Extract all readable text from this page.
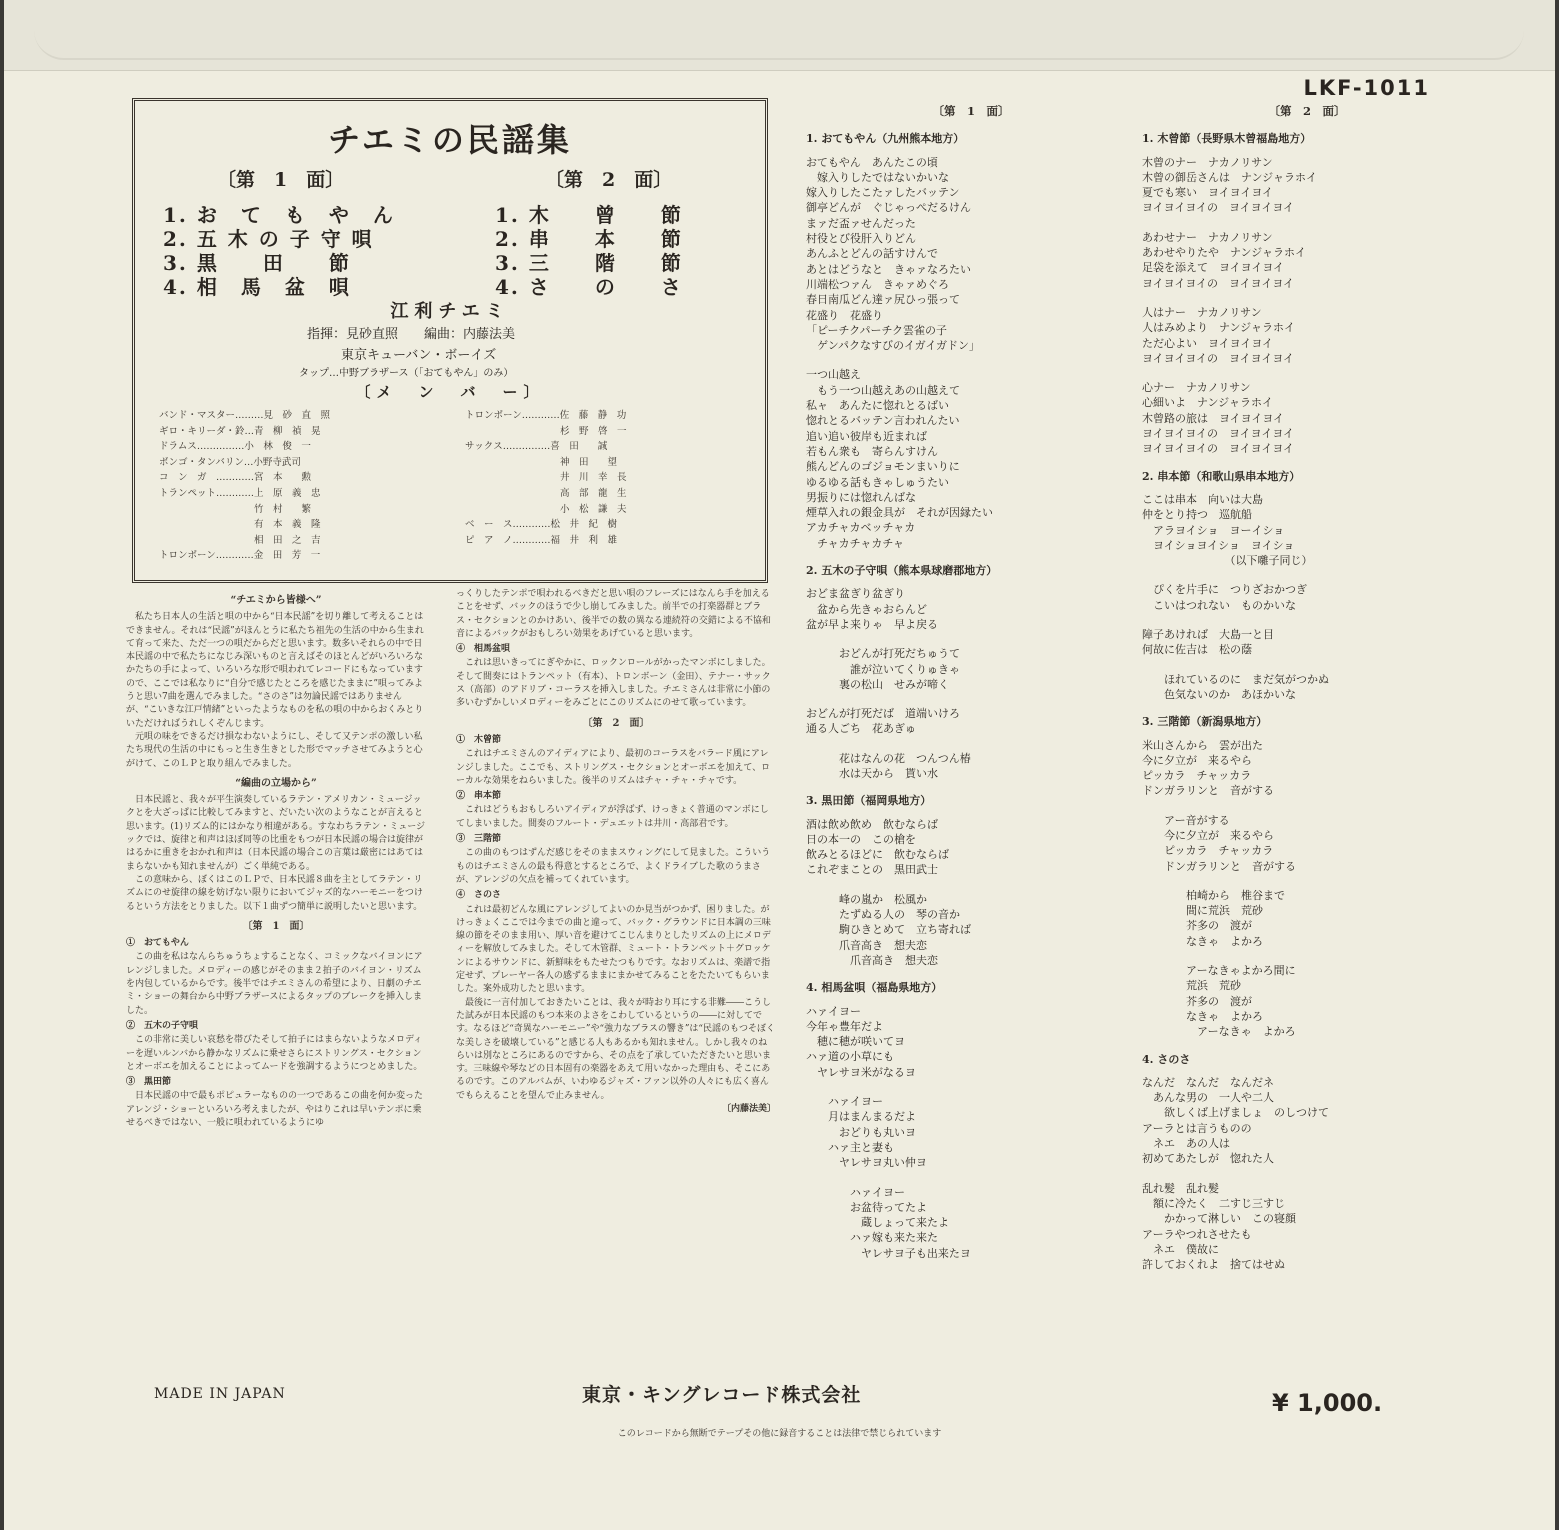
LKF-1011
チエミの民謡集
〔第　1　面〕	〔第　2　面〕
1. お　て　も　や　ん
2. 五 木 の 子 守 唄
3. 黒　　田　　節
4. 相　馬　盆　唄
1. 木　　曾　　節
2. 串　　本　　節
3. 三　　階　　節
4. さ　　の　　さ
江利チエミ
指揮：見砂直照　　編曲：内藤法美
東京キューバン・ボーイズ
タップ…中野ブラザース（「おてもやん」のみ）
〔メ　ン　バ　ー〕
バンド・マスター………見　砂　直　照
ギロ・キリーダ・鈴…青　柳　禎　晃
ドラムス……………小　林　俊　一
ボンゴ・タンバリン…小野寺武司
コ　ン　ガ　…………宮　本　　勲
トランペット…………上　原　義　忠
　　　　　　　　　　竹　村　　繁
　　　　　　　　　　有　本　義　隆
　　　　　　　　　　相　田　之　吉
トロンボーン…………金　田　芳　一
トロンボーン…………佐　藤　静　功
　　　　　　　　　　杉　野　啓　一
サックス……………喜　田　　誠
　　　　　　　　　　神　田　　望
　　　　　　　　　　井　川　幸　長
　　　　　　　　　　高　部　龍　生
　　　　　　　　　　小　松　謙　夫
ベ　ー　ス…………松　井　紀　樹
ピ　ア　ノ…………福　井　利　雄
“チエミから皆様へ”

私たち日本人の生活と唄の中から“日本民謡”を切り離して考えることはできません。それは“民謡”がほんとうに私たち祖先の生活の中から生まれて育って来た、ただ一つの唄だからだと思います。数多いそれらの中で日本民謡の中で私たちになじみ深いものと言えばそのほとんどがいろいろなかたちの手によって、いろいろな形で唄われてレコードにもなっていますので、ここでは私なりに“自分で感じたところを感じたままに”唄ってみようと思い7曲を選んでみました。“さのさ”は勿論民謡ではありませんが、“こいきな江戸情緒”といったようなものを私の唄の中からおくみとりいただければうれしくぞんじます。

元唄の味をできるだけ損なわないようにし、そして又テンポの激しい私たち現代の生活の中にもっと生き生きとした形でマッチさせてみようと心がけて、このＬＰと取り組んでみました。

“編曲の立場から”

日本民謡と、我々が平生演奏しているラテン・アメリカン・ミュージックとを大ざっぱに比較してみますと、だいたい次のようなことが言えると思います。(1)リズム的にはかなり相違がある。すなわちラテン・ミュージックでは、旋律と和声はほぼ同等の比重をもつが日本民謡の場合は旋律がはるかに重きをおかれ和声は（日本民謡の場合この言葉は厳密にはあてはまらないかも知れませんが）ごく単純である。

この意味から、ぼくはこのＬＰで、日本民謡８曲を主としてラテン・リズムにのせ旋律の線を妨げない限りにおいてジャズ的なハーモニーをつけるという方法をとりました。以下１曲ずつ簡単に説明したいと思います。

〔第　1　面〕
①　おてもやん

この曲を私はなんらちゅうちょすることなく、コミックなバイヨンにアレンジしました。メロディーの感じがそのまま２拍子のバイヨン・リズムを内包しているからです。後半ではチエミさんの希望により、日劇のチエミ・ショーの舞台から中野ブラザースによるタップのブレークを挿入しました。

②　五木の子守唄

この非常に美しい哀愁を帯びたそして拍子にはまらないようなメロディーを遅いルンバから静かなリズムに乗せさらにストリングス・セクションとオーボエを加えることによってムードを強調するようにつとめました。

③　黒田節

日本民謡の中で最もポピュラーなものの一つであるこの曲を何か変ったアレンジ・ショーといろいろ考えましたが、やはりこれは早いテンポに乗せるべきではない、一般に唄われているようにゆ

っくりしたテンポで唄われるべきだと思い唄のフレーズにはなんら手を加えることをせず、バックのほうで少し崩してみました。前半での打楽器群とブラス・セクションとのかけあい、後半での数の異なる連続符の交錯による不協和音によるバックがおもしろい効果をあげていると思います。

④　相馬盆唄

これは思いきってにぎやかに、ロックンロールがかったマンボにしました。そして間奏にはトランペット（有本）、トロンボーン（金田）、テナー・サックス（高部）のアドリブ・コーラスを挿入しました。チエミさんは非常に小節の多いむずかしいメロディーをみごとにこのリズムにのせて歌っています。

〔第　2　面〕
①　木曾節

これはチエミさんのアイディアにより、最初のコーラスをバラード風にアレンジしました。ここでも、ストリングス・セクションとオーボエを加えて、ローカルな効果をねらいました。後半のリズムはチャ・チャ・チャです。

②　串本節

これはどうもおもしろいアイディアが浮ばず、けっきょく普通のマンボにしてしまいました。間奏のフルート・デュエットは井川・高部君です。

③　三階節

この曲のもつはずんだ感じをそのままスウィングにして見ました。こういうものはチエミさんの最も得意とするところで、よくドライブした歌のうまさが、アレンジの欠点を補ってくれています。

④　さのさ

これは最初どんな風にアレンジしてよいのか見当がつかず、困りました。がけっきょくここでは今までの曲と違って、バック・グラウンドに日本調の三味線の節をそのまま用い、厚い音を避けてこじんまりとしたリズムの上にメロディーを解放してみました。そして木管群、ミュート・トランペット＋グロッケンによるサウンドに、新鮮味をもたせたつもりです。なおリズムは、楽譜で指定せず、プレーヤー各人の感ずるままにまかせてみることをたたいてもらいました。案外成功したと思います。

最後に一言付加しておきたいことは、我々が時おり耳にする非難――こうした試みが日本民謡のもつ本来のよさをこわしているというの――に対してです。なるほど“奇異なハーモニー”や“強力なブラスの響き”は“民謡のもつそぼくな美しさを破壊している”と感じる人もあるかも知れません。しかし我々のねらいは別なところにあるのですから、その点を了承していただきたいと思います。三味線や琴などの日本固有の楽器をあえて用いなかった理由も、そこにあるのです。このアルバムが、いわゆるジャズ・ファン以外の人々にも広く喜んでもらえることを望んで止みません。

〔内藤法美〕
〔第　1　面〕
1. おてもやん（九州熊本地方）
おてもやん　あんたこの頃
　嫁入りしたではないかいな
嫁入りしたこたァしたバッテン
御亭どんが　ぐじゃっぺだるけん
まァだ盃ァせんだった
村役とび役肝入りどん
あんふとどんの話すけんで
あとはどうなと　きゃァなろたい
川端松つァん　きゃァめぐろ
春日南瓜どん達ァ尻ひっ張って
花盛り　花盛り
「ピーチクパーチク雲雀の子
　ゲンパクなすびのイガイガドン」
一つ山越え
　もう一つ山越えあの山越えて
私ャ　あんたに惚れとるばい
惚れとるバッテン言われんたい
追い追い彼岸も近まれば
若もん衆も　寄らんすけん
熊んどんのゴジョモンまいりに
ゆるゆる話もきゃしゅうたい
男振りには惚れんばな
煙草入れの銀金具が　それが因縁たい
アカチャカベッチャカ
　チャカチャカチャ
2. 五木の子守唄（熊本県球磨郡地方）
おどま盆ぎり盆ぎり
　盆から先きゃおらんど
盆が早よ来りゃ　早よ戻る
　　　おどんが打死だちゅうて
　　　　誰が泣いてくりゅきゃ
　　　裏の松山　せみが啼く
おどんが打死だば　道端いけろ
通る人ごち　花あぎゅ
　　　花はなんの花　つんつん椿
　　　水は天から　貰い水
3. 黒田節（福岡県地方）
酒は飲め飲め　飲むならば
日の本一の　この槍を
飲みとるほどに　飲むならば
これぞまことの　黒田武士
　　　峰の嵐か　松風か
　　　たずぬる人の　琴の音か
　　　駒ひきとめて　立ち寄れば
　　　爪音高き　想夫恋
　　　　爪音高き　想夫恋
4. 相馬盆唄（福島県地方）
ハァイヨー
今年ゃ豊年だよ
　穂に穂が咲いてヨ
ハァ道の小草にも
　ヤレサヨ米がなるヨ
　　ハァイヨー
　　月はまんまるだよ
　　　おどりも丸いヨ
　　ハァ主と妻も
　　　ヤレサヨ丸い仲ヨ
　　　　ハァイヨー
　　　　お盆待ってたよ
　　　　　蔵しょって来たよ
　　　　ハァ嫁も来た来た
　　　　　ヤレサヨ子も出来たヨ
〔第　2　面〕
1. 木曾節（長野県木曾福島地方）
木曾のナー　ナカノリサン
木曾の御岳さんは　ナンジャラホイ
夏でも寒い　ヨイヨイヨイ
ヨイヨイヨイの　ヨイヨイヨイ
あわせナー　ナカノリサン
あわせやりたや　ナンジャラホイ
足袋を添えて　ヨイヨイヨイ
ヨイヨイヨイの　ヨイヨイヨイ
人はナー　ナカノリサン
人はみめより　ナンジャラホイ
ただ心よい　ヨイヨイヨイ
ヨイヨイヨイの　ヨイヨイヨイ
心ナー　ナカノリサン
心細いよ　ナンジャラホイ
木曾路の旅は　ヨイヨイヨイ
ヨイヨイヨイの　ヨイヨイヨイ
ヨイヨイヨイの　ヨイヨイヨイ
2. 串本節（和歌山県串本地方）
ここは串本　向いは大島
仲をとり持つ　巡航船
　アラヨイショ　ヨーイショ
　ヨイショヨイショ　ヨイショ
　　　　　　　　（以下囃子同じ）
　ぴくを片手に　つりざおかつぎ
　こいはつれない　ものかいな
障子あければ　大島一と目
何故に佐吉は　松の蔭
　　ほれているのに　まだ気がつかぬ
　　色気ないのか　あほかいな
3. 三階節（新潟県地方）
米山さんから　雲が出た
今に夕立が　来るやら
ピッカラ　チャッカラ
ドンガラリンと　音がする
　　アー音がする
　　今に夕立が　来るやら
　　ピッカラ　チャッカラ
　　ドンガラリンと　音がする
　　　　柏崎から　椎谷まで
　　　　間に荒浜　荒砂
　　　　芥多の　渡が
　　　　なきゃ　よかろ
　　　　アーなきゃよかろ間に
　　　　荒浜　荒砂
　　　　芥多の　渡が
　　　　なきゃ　よかろ
　　　　　アーなきゃ　よかろ
4. さのさ
なんだ　なんだ　なんだネ
　あんな男の　一人や二人
　　欲しくば上げましょ　のしつけて
アーラとは言うものの
　ネエ　あの人は
初めてあたしが　惚れた人
乱れ髪　乱れ髪
　額に冷たく　二すじ三すじ
　　かかって淋しい　この寝顔
アーラやつれさせたも
　ネエ　僕故に
許しておくれよ　捨てはせぬ
MADE IN JAPAN	東京・キングレコード株式会社	¥ 1,000.
このレコードから無断でテープその他に録音することは法律で禁じられています
